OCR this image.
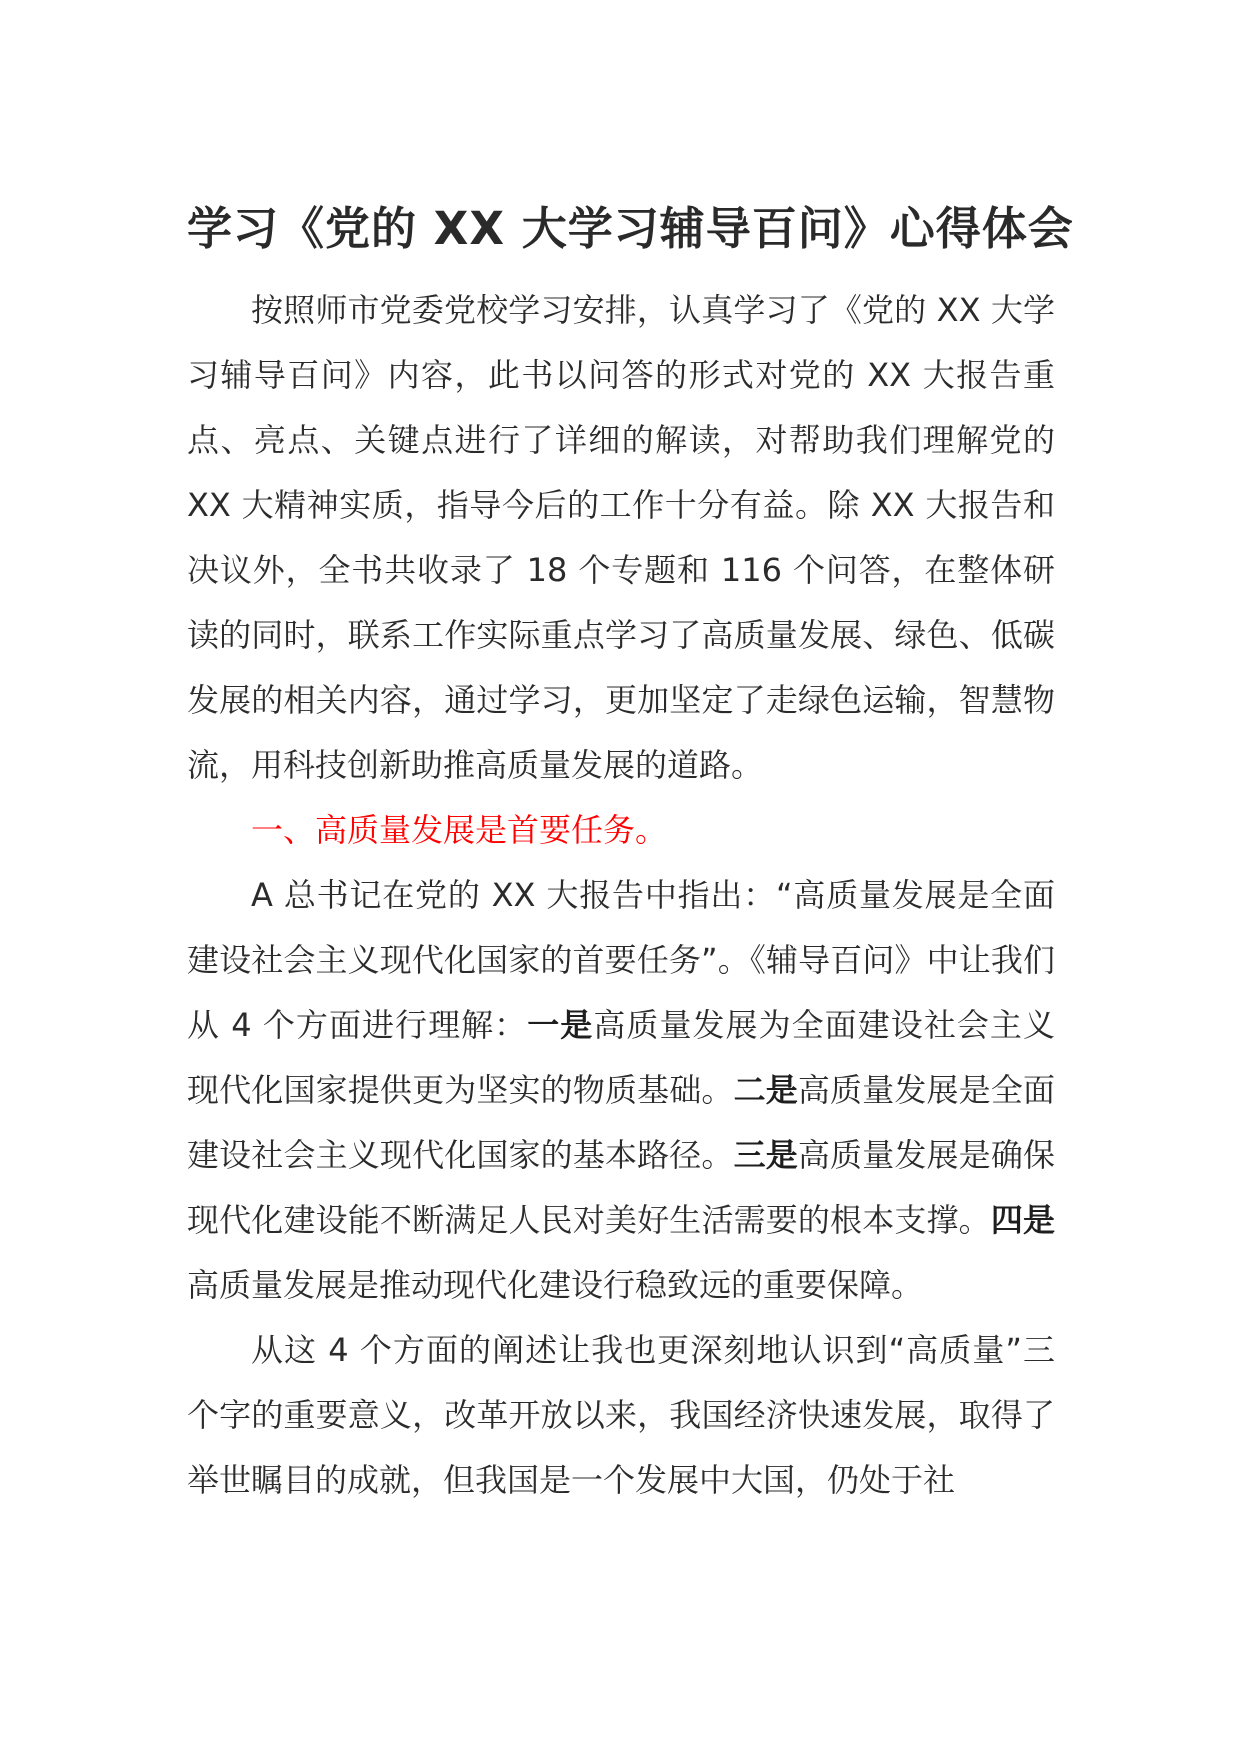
学习《党的 XX 大学习辅导百问》心得体会

按照师市党委党校学习安排，认真学习了《党的 XX 大学习辅导百问》内容，此书以问答的形式对党的 XX 大报告重点、亮点、关键点进行了详细的解读，对帮助我们理解党的 XX 大精神实质，指导今后的工作十分有益。除 XX 大报告和决议外，全书共收录了 18 个专题和 116 个问答，在整体研读的同时，联系工作实际重点学习了高质量发展、绿色、低碳发展的相关内容，通过学习，更加坚定了走绿色运输，智慧物流，用科技创新助推高质量发展的道路。

一、高质量发展是首要任务。

A 总书记在党的 XX 大报告中指出：“高质量发展是全面建设社会主义现代化国家的首要任务”。《辅导百问》中让我们从 4 个方面进行理解：一是高质量发展为全面建设社会主义现代化国家提供更为坚实的物质基础。二是高质量发展是全面建设社会主义现代化国家的基本路径。三是高质量发展是确保现代化建设能不断满足人民对美好生活需要的根本支撑。四是高质量发展是推动现代化建设行稳致远的重要保障。

从这 4 个方面的阐述让我也更深刻地认识到“高质量”三个字的重要意义，改革开放以来，我国经济快速发展，取得了举世瞩目的成就，但我国是一个发展中大国，仍处于社
